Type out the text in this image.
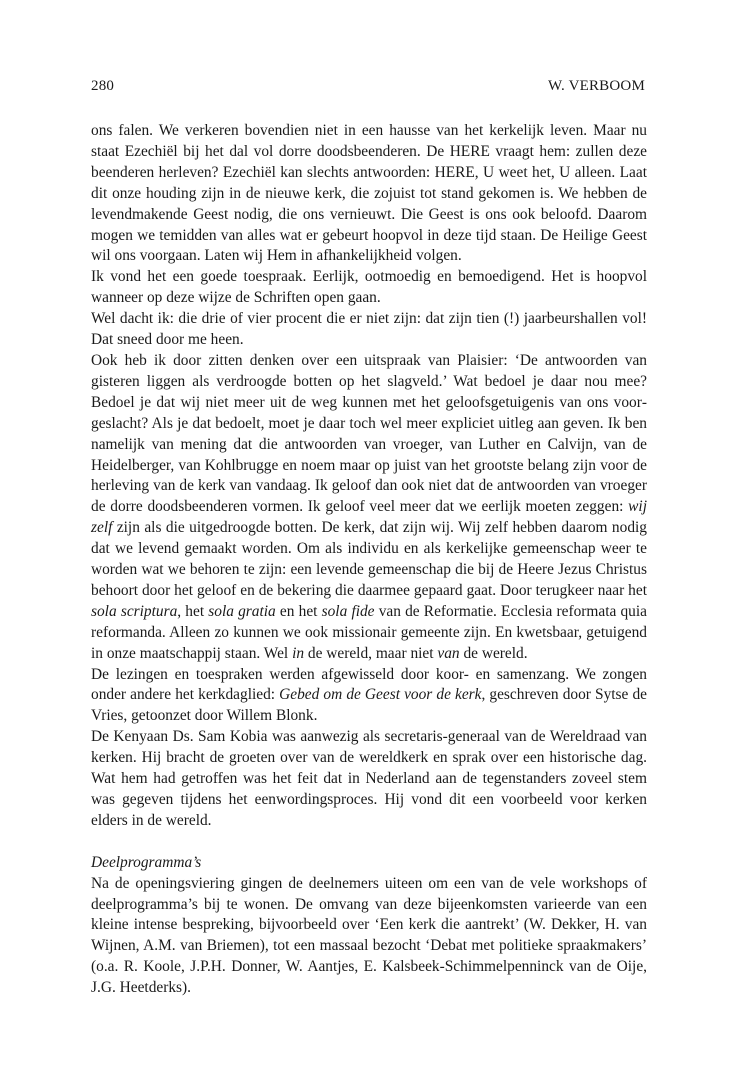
280	W. VERBOOM

ons falen. We verkeren bovendien niet in een hausse van het kerkelijk leven. Maar nu staat Ezechiël bij het dal vol dorre doodsbeenderen. De HERE vraagt hem: zullen deze beenderen herleven? Ezechiël kan slechts antwoorden: HERE, U weet het, U alleen. Laat dit onze houding zijn in de nieuwe kerk, die zojuist tot stand gekomen is. We hebben de levendmakende Geest nodig, die ons vernieuwt. Die Geest is ons ook beloofd. Daarom mogen we temidden van alles wat er gebeurt hoopvol in deze tijd staan. De Heilige Geest wil ons voorgaan. Laten wij Hem in afhankelijkheid volgen.

Ik vond het een goede toespraak. Eerlijk, ootmoedig en bemoedigend. Het is hoopvol wanneer op deze wijze de Schriften open gaan.

Wel dacht ik: die drie of vier procent die er niet zijn: dat zijn tien (!) jaarbeurshallen vol! Dat sneed door me heen.

Ook heb ik door zitten denken over een uitspraak van Plaisier: ‘De antwoorden van gisteren liggen als verdroogde botten op het slagveld.’ Wat bedoel je daar nou mee? Bedoel je dat wij niet meer uit de weg kunnen met het geloofsgetuigenis van ons voorgeslacht? Als je dat bedoelt, moet je daar toch wel meer expliciet uitleg aan geven. Ik ben namelijk van mening dat die antwoorden van vroeger, van Luther en Calvijn, van de Heidelberger, van Kohlbrugge en noem maar op juist van het grootste belang zijn voor de herleving van de kerk van vandaag. Ik geloof dan ook niet dat de antwoorden van vroeger de dorre doodsbeenderen vormen. Ik geloof veel meer dat we eerlijk moeten zeggen: wij zelf zijn als die uitgedroogde botten. De kerk, dat zijn wij. Wij zelf hebben daarom nodig dat we levend gemaakt worden. Om als individu en als kerkelijke gemeenschap weer te worden wat we behoren te zijn: een levende gemeenschap die bij de Heere Jezus Christus behoort door het geloof en de bekering die daarmee gepaard gaat. Door terugkeer naar het sola scriptura, het sola gratia en het sola fide van de Reformatie. Ecclesia reformata quia reformanda. Alleen zo kunnen we ook missionair gemeente zijn. En kwetsbaar, getuigend in onze maatschappij staan. Wel in de wereld, maar niet van de wereld.

De lezingen en toespraken werden afgewisseld door koor- en samenzang. We zongen onder andere het kerkdaglied: Gebed om de Geest voor de kerk, geschreven door Sytse de Vries, getoonzet door Willem Blonk.

De Kenyaan Ds. Sam Kobia was aanwezig als secretaris-generaal van de Wereldraad van kerken. Hij bracht de groeten over van de wereldkerk en sprak over een historische dag. Wat hem had getroffen was het feit dat in Nederland aan de tegenstanders zoveel stem was gegeven tijdens het eenwordingsproces. Hij vond dit een voorbeeld voor kerken elders in de wereld.

Deelprogramma’s

Na de openingsviering gingen de deelnemers uiteen om een van de vele workshops of deelprogramma’s bij te wonen. De omvang van deze bijeenkomsten varieerde van een kleine intense bespreking, bijvoorbeeld over ‘Een kerk die aantrekt’ (W. Dekker, H. van Wijnen, A.M. van Briemen), tot een massaal bezocht ‘Debat met politieke spraakmakers’ (o.a. R. Koole, J.P.H. Donner, W. Aantjes, E. Kalsbeek-Schimmelpenninck van de Oije, J.G. Heetderks).
